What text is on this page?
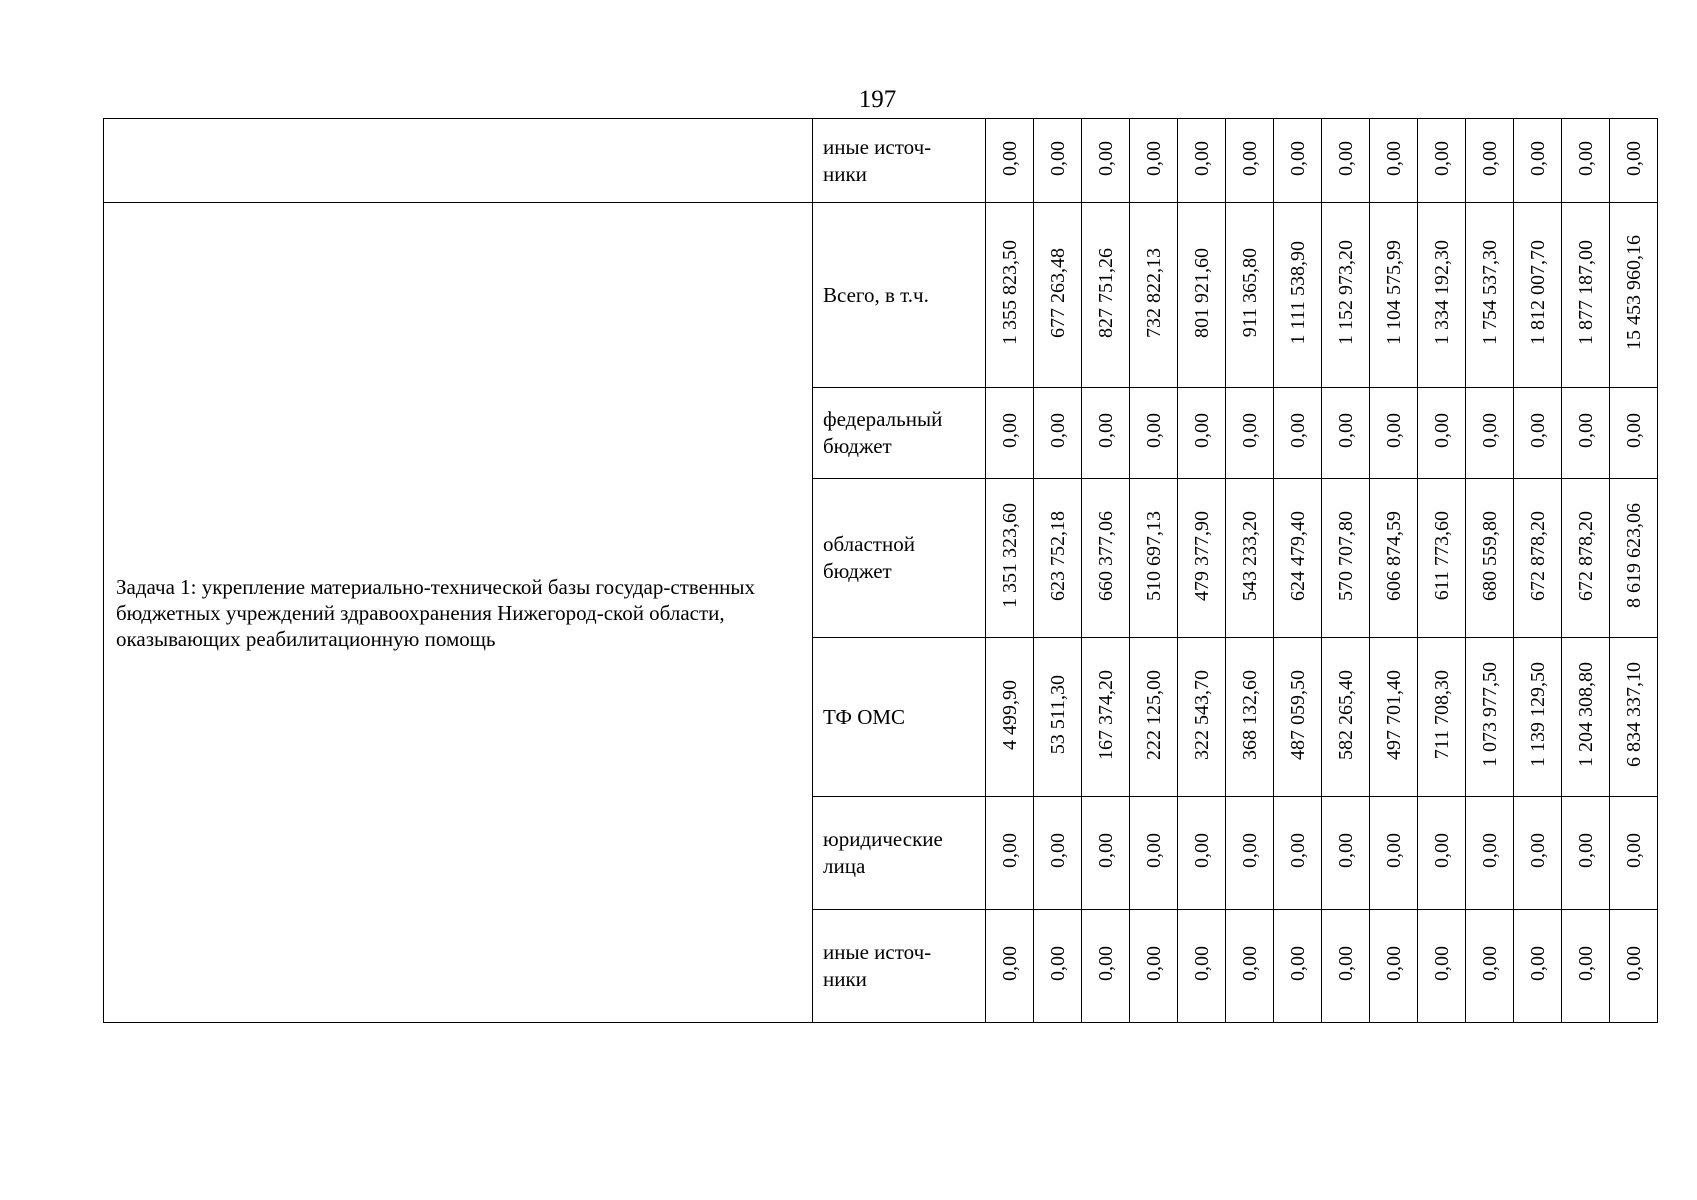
197
	иные источ-
ники	0,00	0,00	0,00	0,00	0,00	0,00	0,00	0,00	0,00	0,00	0,00	0,00	0,00	0,00
Задача 1: укрепление материально-технической базы государ-ственных бюджетных учреждений здравоохранения Нижегород-ской области, оказывающих реабилитационную помощь	Всего, в т.ч.	1 355 823,50	677 263,48	827 751,26	732 822,13	801 921,60	911 365,80	1 111 538,90	1 152 973,20	1 104 575,99	1 334 192,30	1 754 537,30	1 812 007,70	1 877 187,00	15 453 960,16
	федеральный бюджет	0,00	0,00	0,00	0,00	0,00	0,00	0,00	0,00	0,00	0,00	0,00	0,00	0,00	0,00
	областной бюджет	1 351 323,60	623 752,18	660 377,06	510 697,13	479 377,90	543 233,20	624 479,40	570 707,80	606 874,59	611 773,60	680 559,80	672 878,20	672 878,20	8 619 623,06
	ТФ ОМС	4 499,90	53 511,30	167 374,20	222 125,00	322 543,70	368 132,60	487 059,50	582 265,40	497 701,40	711 708,30	1 073 977,50	1 139 129,50	1 204 308,80	6 834 337,10
	юридические лица	0,00	0,00	0,00	0,00	0,00	0,00	0,00	0,00	0,00	0,00	0,00	0,00	0,00	0,00
	иные источ-
ники	0,00	0,00	0,00	0,00	0,00	0,00	0,00	0,00	0,00	0,00	0,00	0,00	0,00	0,00
